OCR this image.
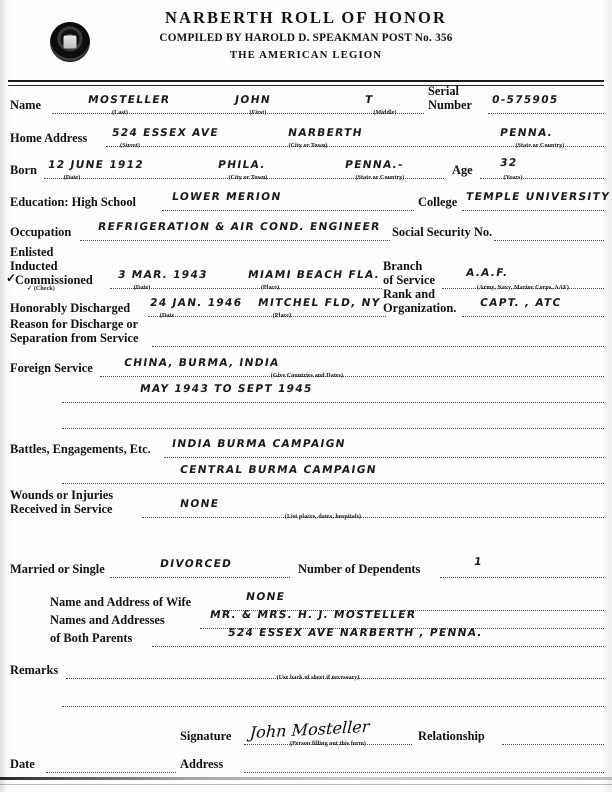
NARBERTH ROLL OF HONOR
COMPILED BY HAROLD D. SPEAKMAN POST No. 356
THE AMERICAN LEGION
Name	MOSTELLER	JOHN	T
(Last)	(First)	(Middle)
Serial
Number 0-575905
Home Address 524 ESSEX AVE	NARBERTH	PENNA.
(Street)	(City or Town)	(State or Country)
Born 12 JUNE 1912	PHILA.	PENNA.-	Age 32
(Date)	(City or Town)	(State or Country)	(Years)
Education: High School	LOWER MERION	College TEMPLE UNIVERSITY
Occupation REFRIGERATION & AIR COND. ENGINEER Social Security No.
Enlisted
Inducted
✓
Commissioned 3 MAR. 1943	MIAMI BEACH FLA.
✓ (Check)	(Date)	(Place)
Branch
of Service	A.A.F.
(Army, Navy, Marine Corps, AAF)
Honorably Discharged 24 JAN. 1946 MITCHEL FLD, NY
(Date	(Place)
Rank and
Organization. CAPT. , ATC
Reason for Discharge or
Separation from Service
Foreign Service	CHINA, BURMA, INDIA
(Give Countries and Dates)
MAY 1943 TO SEPT 1945
Battles, Engagements, Etc. INDIA BURMA CAMPAIGN
CENTRAL BURMA CAMPAIGN
Wounds or Injuries
Received in Service	NONE
(List places, dates, hospitals)
Married or Single	DIVORCED	Number of Dependents	1
Name and Address of Wife	NONE
Names and Addresses	MR. & MRS. H. J. MOSTELLER
of Both Parents	524 ESSEX AVE NARBERTH , PENNA.
Remarks
(Use back of sheet if necessary)
Signature John Mosteller
(Person filling out this form)
Relationship
Date	Address
